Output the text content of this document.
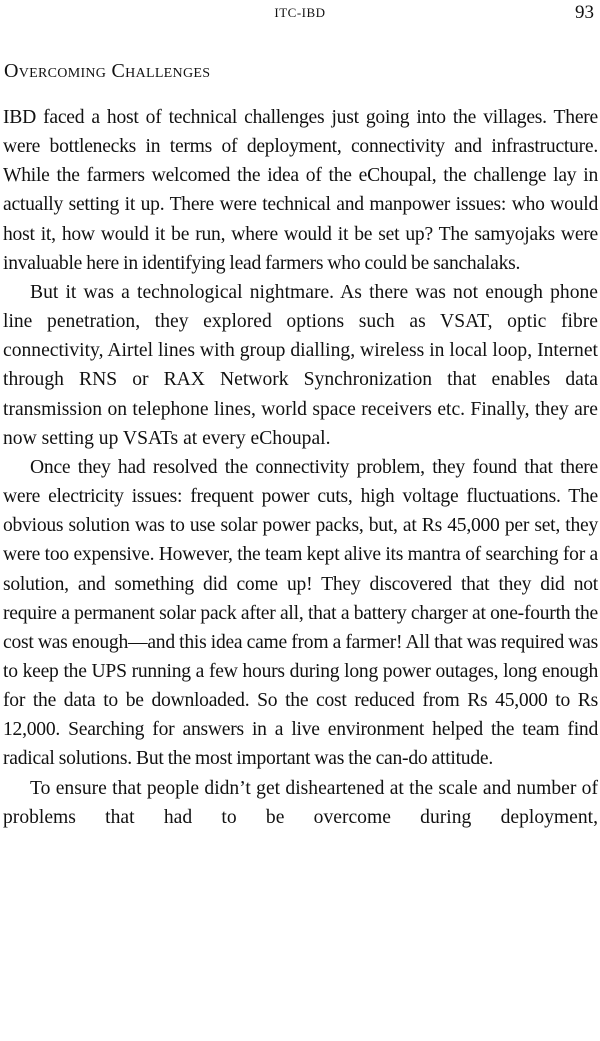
ITC-IBD	93
Overcoming Challenges

IBD faced a host of technical challenges just going into the villages. There were bottlenecks in terms of deployment, connectivity and infrastructure. While the farmers welcomed the idea of the eChoupal, the challenge lay in actually setting it up. There were technical and manpower issues: who would host it, how would it be run, where would it be set up? The samyojaks were invaluable here in identifying lead farmers who could be sanchalaks.

But it was a technological nightmare. As there was not enough phone line penetration, they explored options such as VSAT, optic fibre connectivity, Airtel lines with group dialling, wireless in local loop, Internet through RNS or RAX Network Synchronization that enables data transmission on telephone lines, world space receivers etc. Finally, they are now setting up VSATs at every eChoupal.

Once they had resolved the connectivity problem, they found that there were electricity issues: frequent power cuts, high voltage fluctuations. The obvious solution was to use solar power packs, but, at Rs 45,000 per set, they were too expensive. However, the team kept alive its mantra of searching for a solution, and something did come up! They discovered that they did not require a permanent solar pack after all, that a battery charger at one-fourth the cost was enough—and this idea came from a farmer! All that was required was to keep the UPS running a few hours during long power outages, long enough for the data to be downloaded. So the cost reduced from Rs 45,000 to Rs 12,000. Searching for answers in a live environment helped the team find radical solutions. But the most important was the can-do attitude.

To ensure that people didn’t get disheartened at the scale and number of problems that had to be overcome during deployment,
